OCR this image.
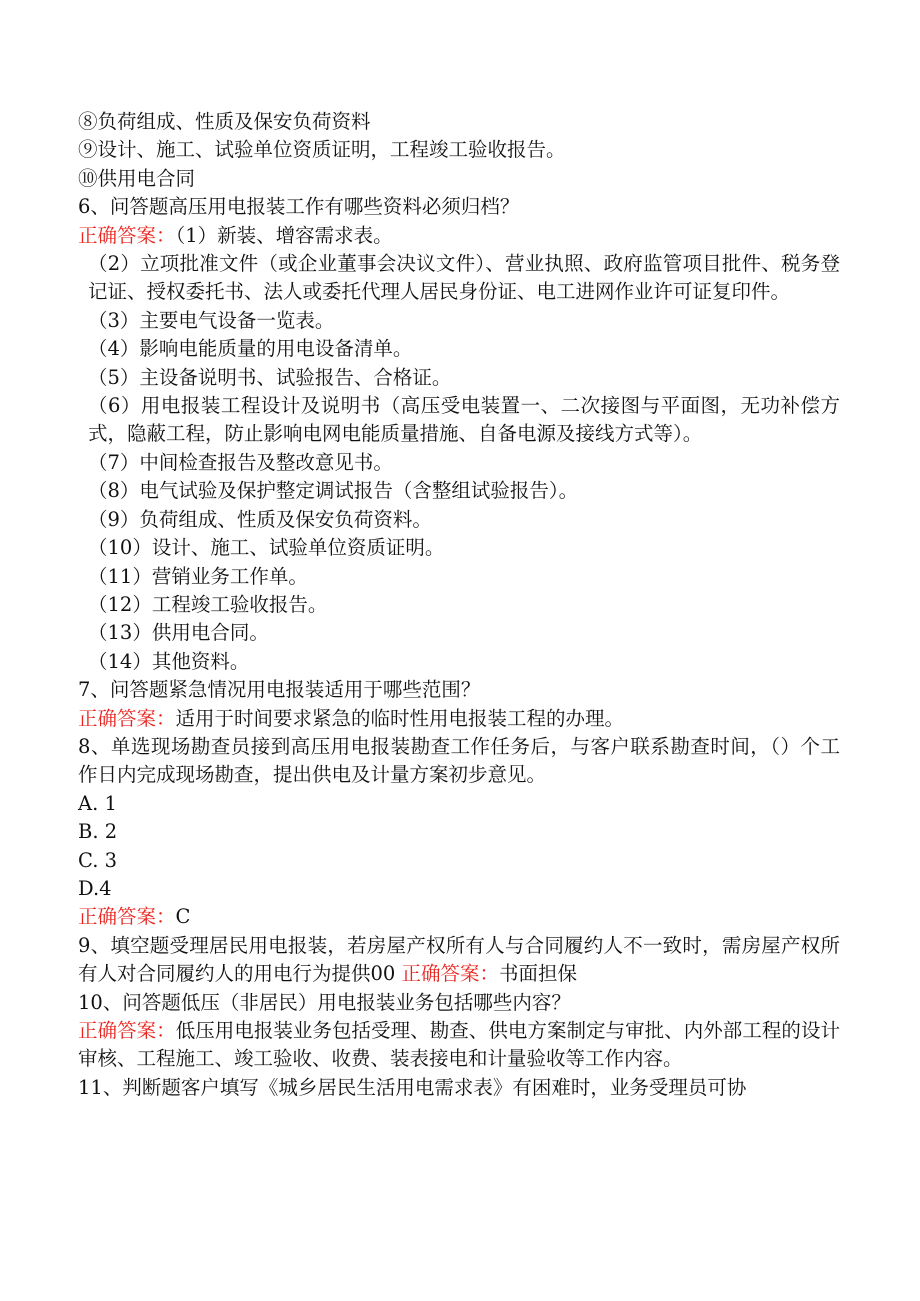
⑧负荷组成、性质及保安负荷资料
⑨设计、施工、试验单位资质证明，工程竣工验收报告。
⑩供用电合同
6、问答题高压用电报装工作有哪些资料必须归档？
正确答案：（1）新装、增容需求表。
（2）立项批准文件（或企业董事会决议文件）、营业执照、政府监管项目批件、税务登记证、授权委托书、法人或委托代理人居民身份证、电工进网作业许可证复印件。
（3）主要电气设备一览表。
（4）影响电能质量的用电设备清单。
（5）主设备说明书、试验报告、合格证。
（6）用电报装工程设计及说明书（高压受电装置一、二次接图与平面图，无功补偿方式，隐蔽工程，防止影响电网电能质量措施、自备电源及接线方式等）。
（7）中间检查报告及整改意见书。
（8）电气试验及保护整定调试报告（含整组试验报告）。
（9）负荷组成、性质及保安负荷资料。
（10）设计、施工、试验单位资质证明。
（11）营销业务工作单。
（12）工程竣工验收报告。
（13）供用电合同。
（14）其他资料。
7、问答题紧急情况用电报装适用于哪些范围？
正确答案：适用于时间要求紧急的临时性用电报装工程的办理。
8、单选现场勘查员接到高压用电报装勘查工作任务后，与客户联系勘查时间，（）个工作日内完成现场勘查，提出供电及计量方案初步意见。
A. 1
B. 2
C. 3
D.4
正确答案：C
9、填空题受理居民用电报装，若房屋产权所有人与合同履约人不一致时，需房屋产权所有人对合同履约人的用电行为提供00 正确答案：书面担保
10、问答题低压（非居民）用电报装业务包括哪些内容？
正确答案：低压用电报装业务包括受理、勘查、供电方案制定与审批、内外部工程的设计审核、工程施工、竣工验收、收费、装表接电和计量验收等工作内容。
11、判断题客户填写《城乡居民生活用电需求表》有困难时，业务受理员可协
